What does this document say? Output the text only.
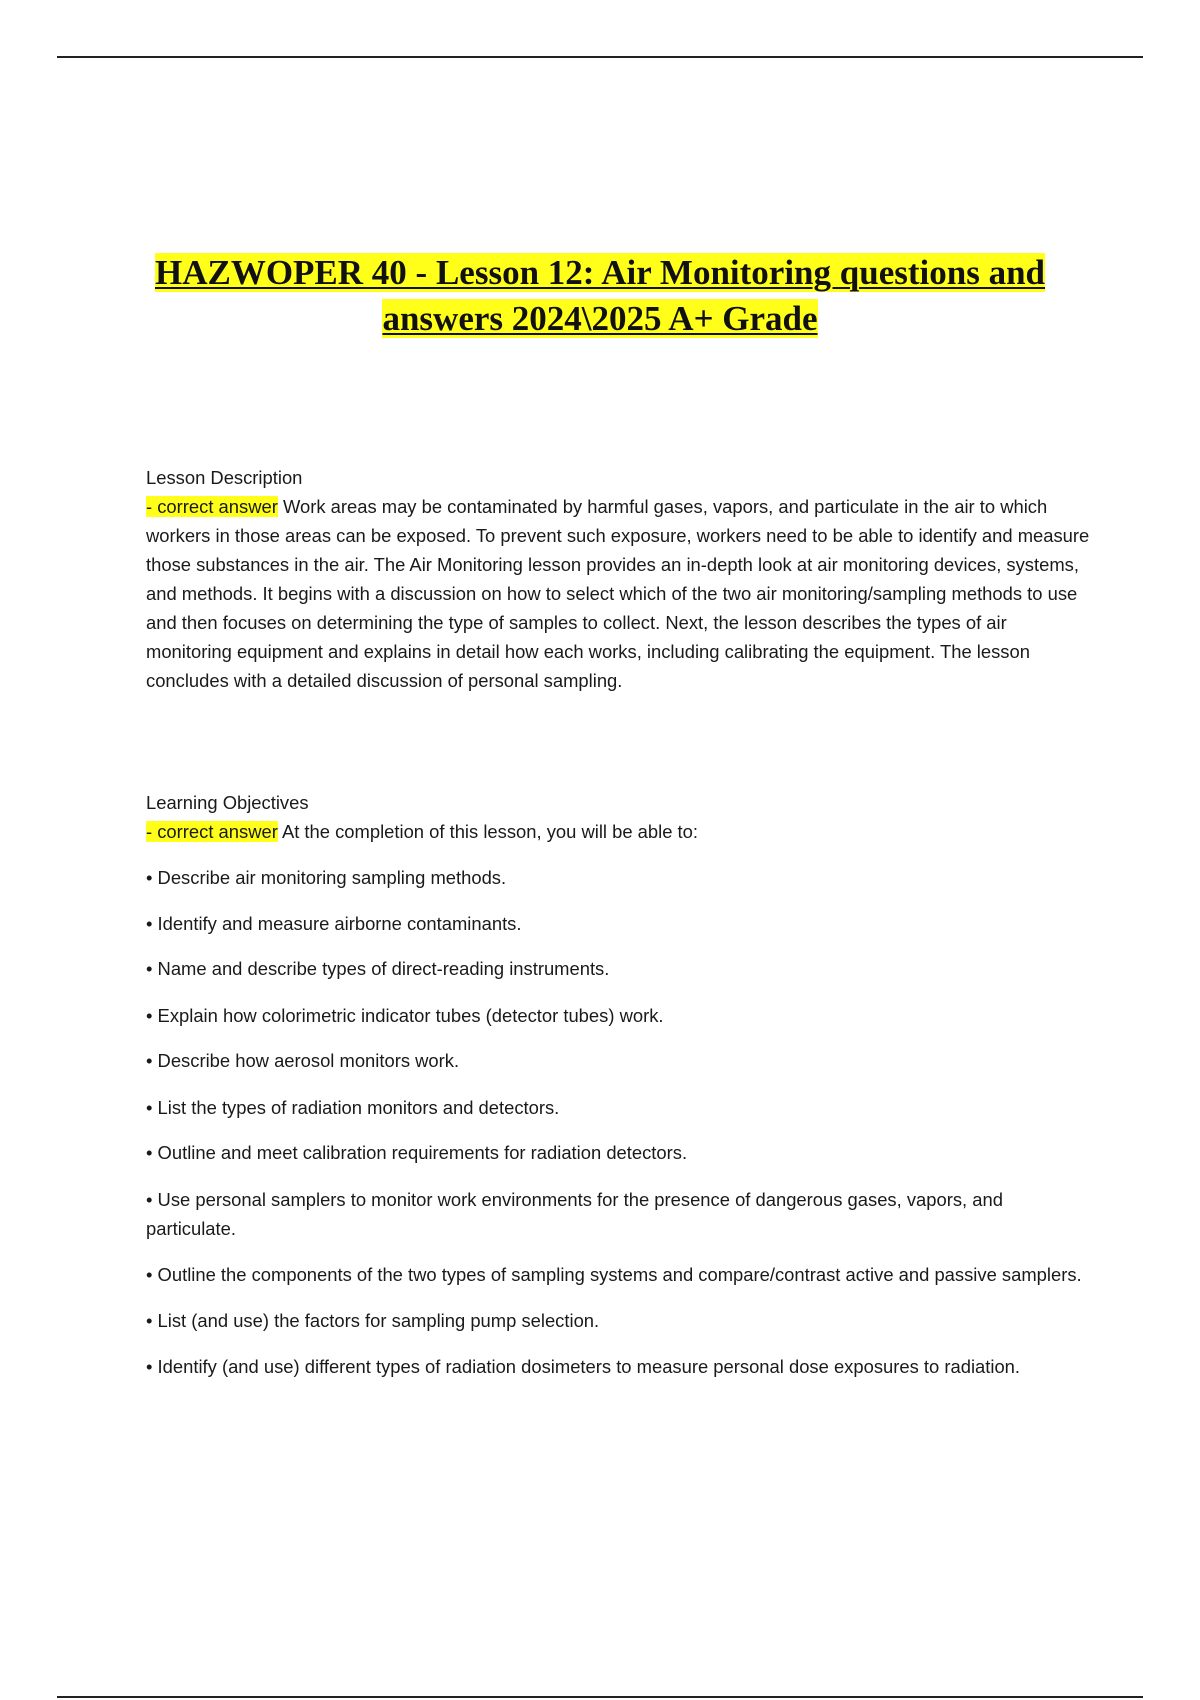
HAZWOPER 40 - Lesson 12: Air Monitoring questions and answers 2024\2025 A+ Grade
Lesson Description
- correct answer Work areas may be contaminated by harmful gases, vapors, and particulate in the air to which workers in those areas can be exposed. To prevent such exposure, workers need to be able to identify and measure those substances in the air. The Air Monitoring lesson provides an in-depth look at air monitoring devices, systems, and methods. It begins with a discussion on how to select which of the two air monitoring/sampling methods to use and then focuses on determining the type of samples to collect. Next, the lesson describes the types of air monitoring equipment and explains in detail how each works, including calibrating the equipment. The lesson concludes with a detailed discussion of personal sampling.
Learning Objectives
- correct answer At the completion of this lesson, you will be able to:

• Describe air monitoring sampling methods.

• Identify and measure airborne contaminants.

• Name and describe types of direct-reading instruments.

• Explain how colorimetric indicator tubes (detector tubes) work.

• Describe how aerosol monitors work.

• List the types of radiation monitors and detectors.

• Outline and meet calibration requirements for radiation detectors.

• Use personal samplers to monitor work environments for the presence of dangerous gases, vapors, and particulate.

• Outline the components of the two types of sampling systems and compare/contrast active and passive samplers.

• List (and use) the factors for sampling pump selection.

• Identify (and use) different types of radiation dosimeters to measure personal dose exposures to radiation.
